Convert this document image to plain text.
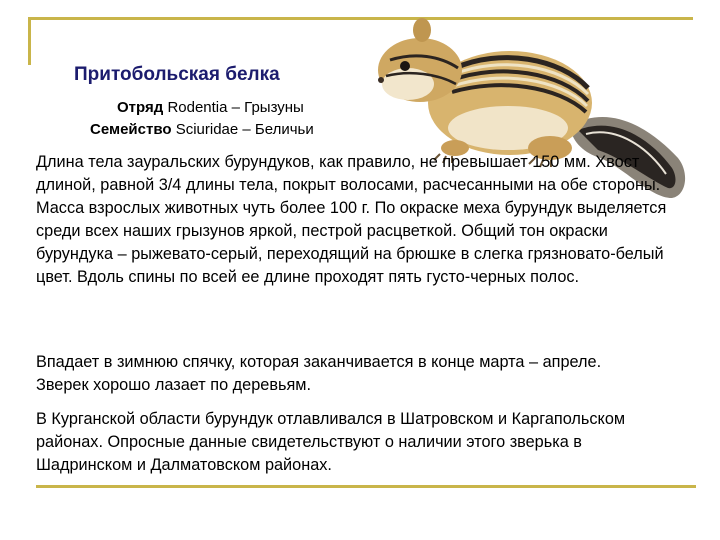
Притобольская белка

Отряд Rodentia – Грызуны

Семейство Sciuridae – Беличьи

Длина тела зауральских бурундуков, как правило, не превышает 150 мм. Хвост длиной, равной 3/4 длины тела, покрыт волосами, расчесанными на обе стороны. Масса взрослых животных чуть более 100 г. По окраске меха бурундук выделяется среди всех наших грызунов яркой, пестрой расцветкой. Общий тон окраски бурундука – рыжевато-серый, переходящий на брюшке в слегка грязновато-белый цвет. Вдоль спины по всей ее длине проходят пять густо-черных полос.

Впадает в зимнюю спячку, которая заканчивается в конце марта – апреле. Зверек хорошо лазает по деревьям.

В Курганской области бурундук отлавливался в Шатровском и Каргапольском районах. Опросные данные свидетельствуют о наличии этого зверька в Шадринском и Далматовском районах.
